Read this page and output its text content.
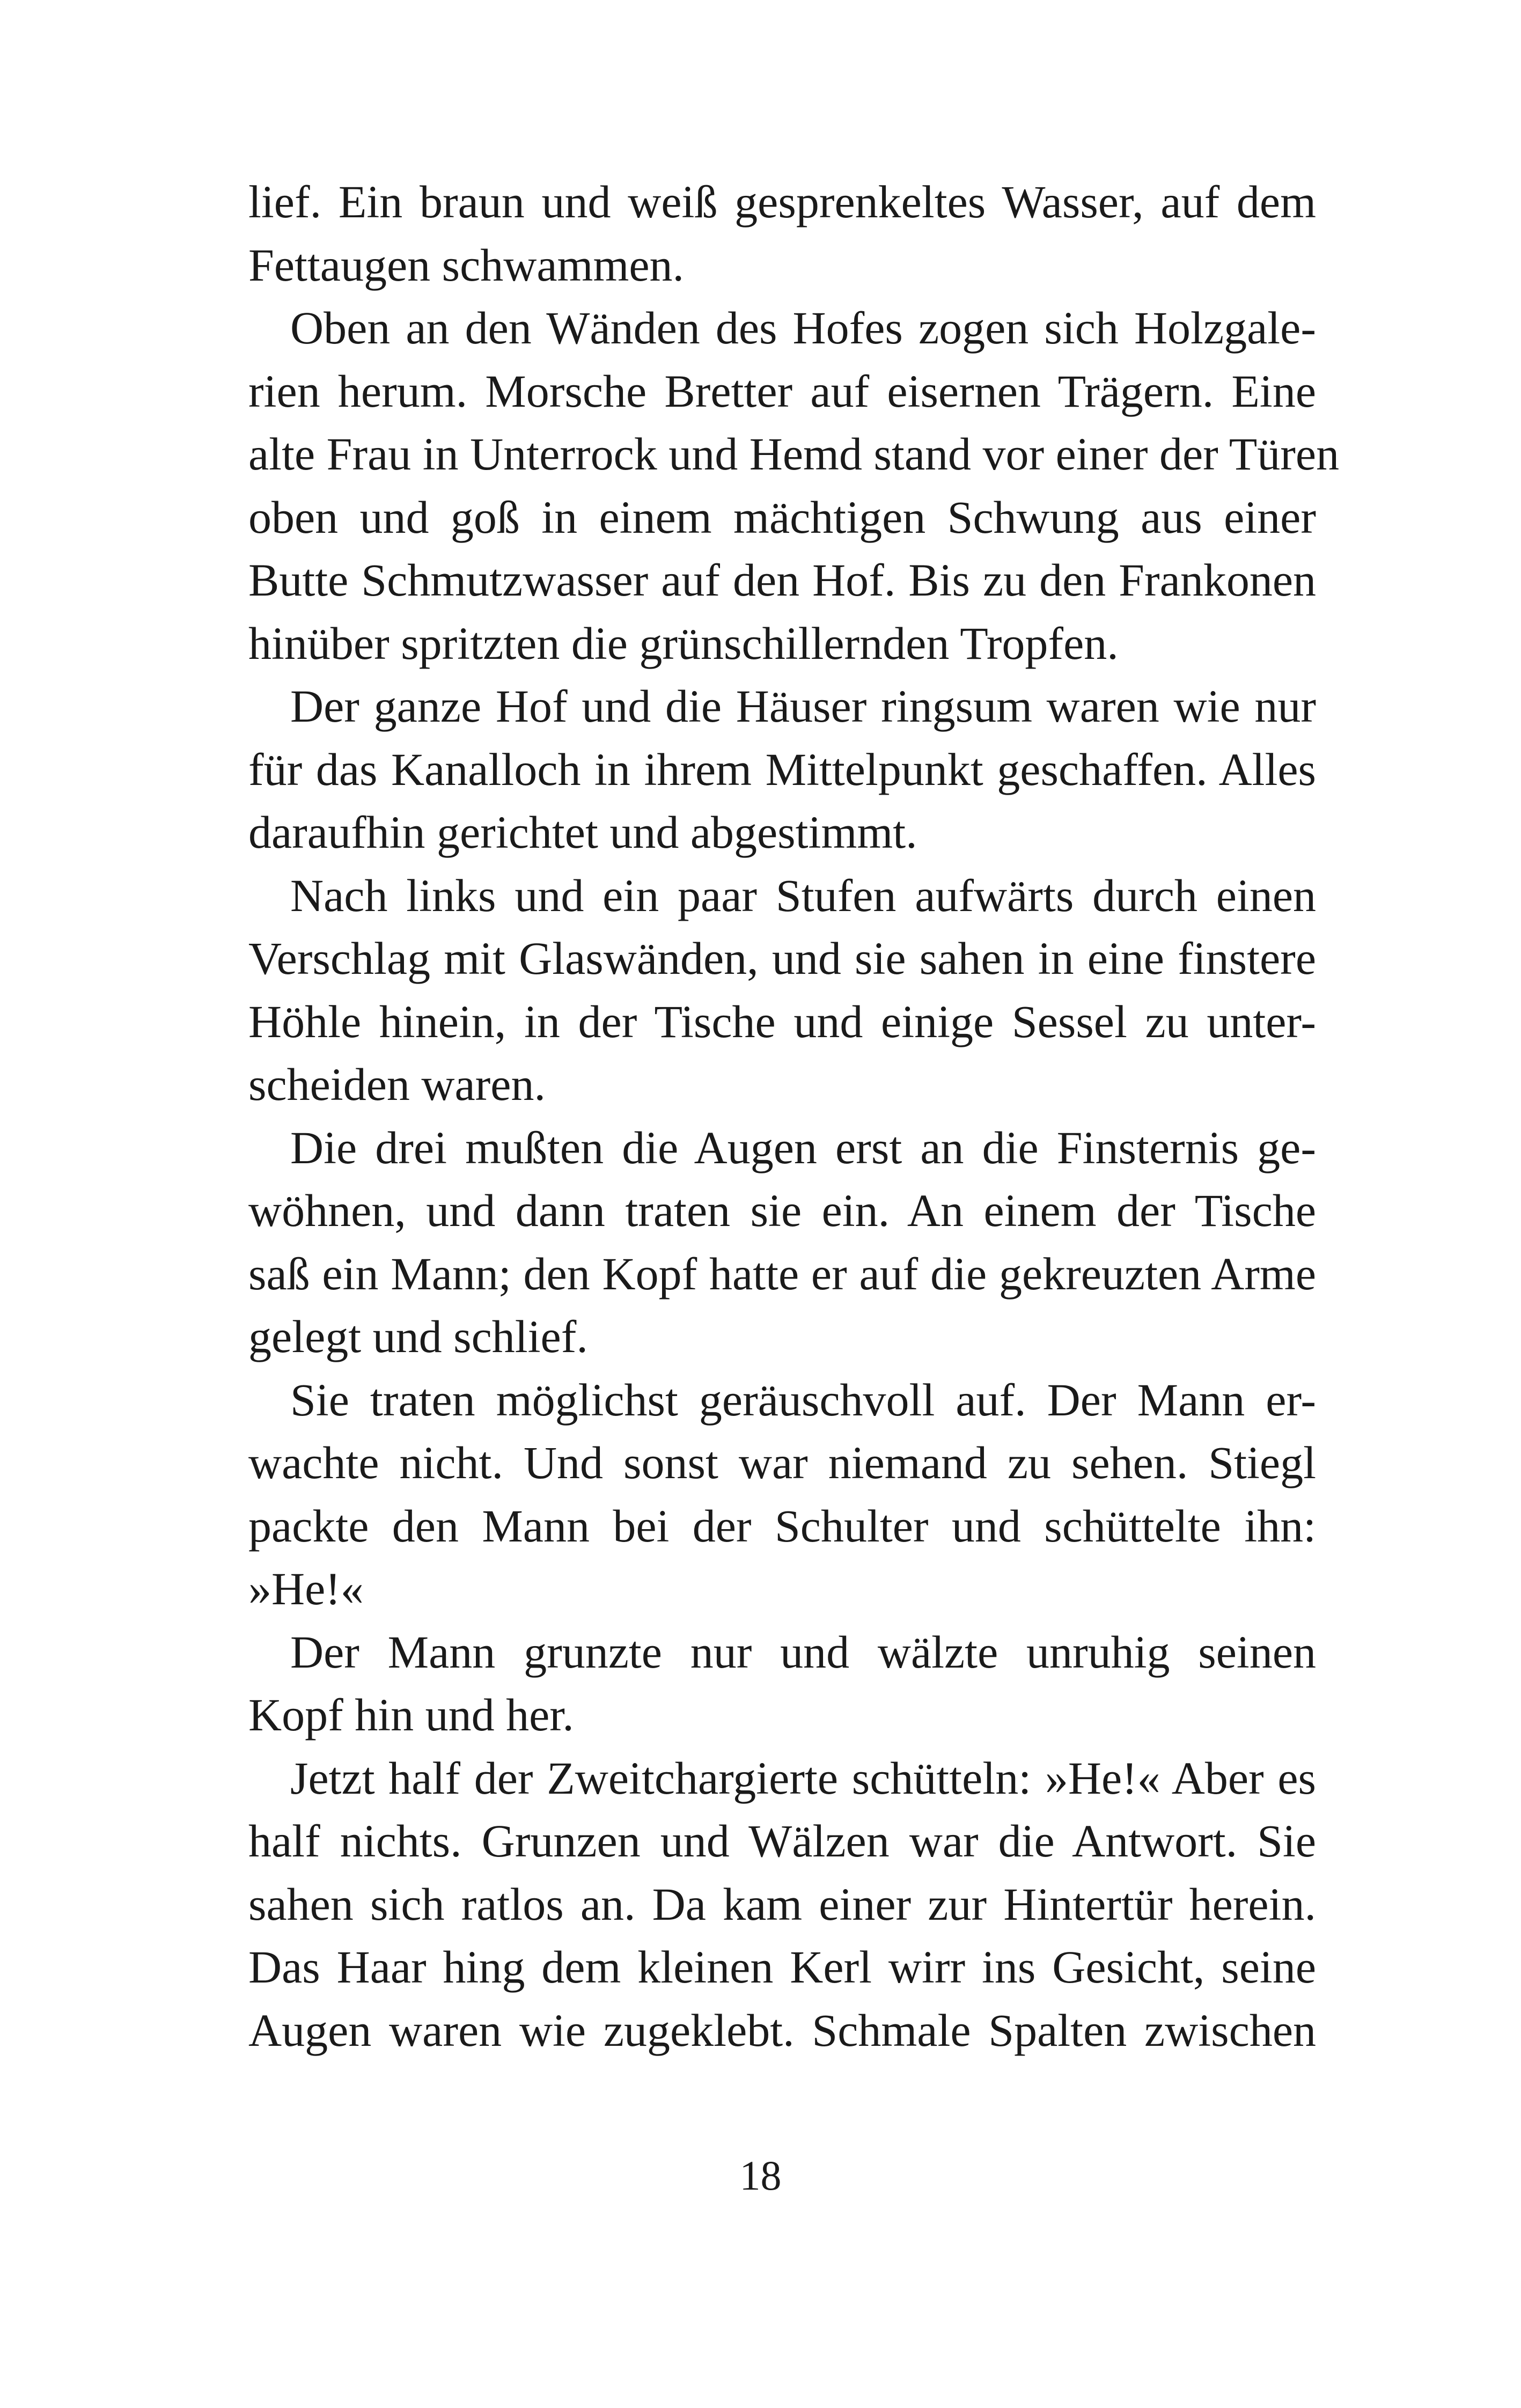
lief. Ein braun und weiß gesprenkeltes Wasser, auf dem
Fettaugen schwammen.
Oben an den Wänden des Hofes zogen sich Holzgale-
rien herum. Morsche Bretter auf eisernen Trägern. Eine
alte Frau in Unterrock und Hemd stand vor einer der Türen
oben und goß in einem mächtigen Schwung aus einer
Butte Schmutzwasser auf den Hof. Bis zu den Frankonen
hinüber spritzten die grünschillernden Tropfen.
Der ganze Hof und die Häuser ringsum waren wie nur
für das Kanalloch in ihrem Mittelpunkt geschaffen. Alles
daraufhin gerichtet und abgestimmt.
Nach links und ein paar Stufen aufwärts durch einen
Verschlag mit Glaswänden, und sie sahen in eine finstere
Höhle hinein, in der Tische und einige Sessel zu unter-
scheiden waren.
Die drei mußten die Augen erst an die Finsternis ge-
wöhnen, und dann traten sie ein. An einem der Tische
saß ein Mann; den Kopf hatte er auf die gekreuzten Arme
gelegt und schlief.
Sie traten möglichst geräuschvoll auf. Der Mann er-
wachte nicht. Und sonst war niemand zu sehen. Stiegl
packte den Mann bei der Schulter und schüttelte ihn:
»He!«
Der Mann grunzte nur und wälzte unruhig seinen
Kopf hin und her.
Jetzt half der Zweitchargierte schütteln: »He!« Aber es
half nichts. Grunzen und Wälzen war die Antwort. Sie
sahen sich ratlos an. Da kam einer zur Hintertür herein.
Das Haar hing dem kleinen Kerl wirr ins Gesicht, seine
Augen waren wie zugeklebt. Schmale Spalten zwischen
18
